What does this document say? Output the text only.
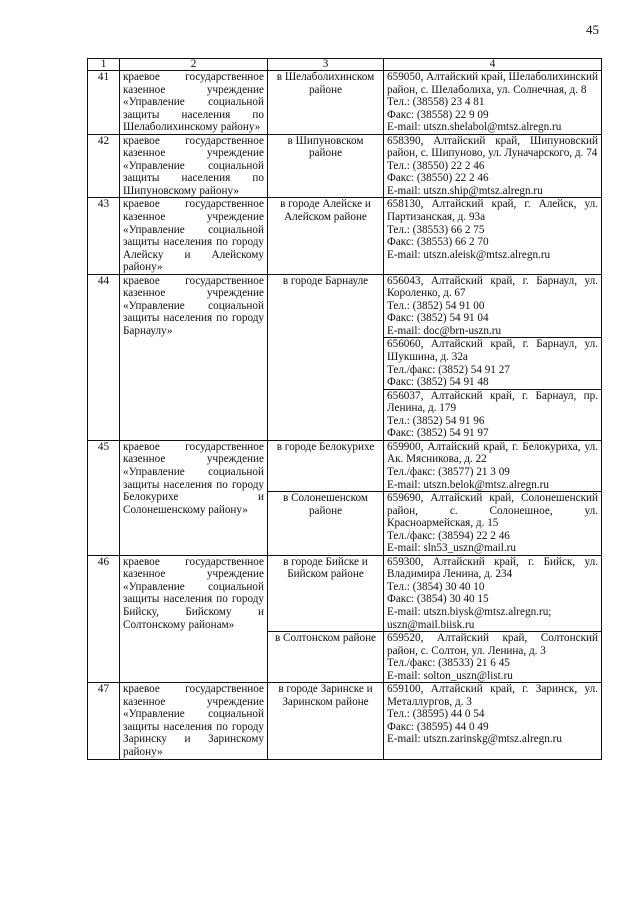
45
1	2	3	4
41	краевое государственное казенное учреждение «Управление социальной защиты населения по Шелаболихинскому району»	в Шелаболихинском районе	659050, Алтайский край, Шелаболихинский район, с. Шелаболиха, ул. Солнечная, д. 8
Тел.: (38558) 23 4 81
Факс: (38558) 22 9 09
E-mail: utszn.shelabol@mtsz.alregn.ru
42	краевое государственное казенное учреждение «Управление социальной защиты населения по Шипуновскому району»	в Шипуновском районе	658390, Алтайский край, Шипуновский район, с. Шипуново, ул. Луначарского, д. 74
Тел.: (38550) 22 2 46
Факс: (38550) 22 2 46
E-mail: utszn.ship@mtsz.alregn.ru
43	краевое государственное казенное учреждение «Управление социальной защиты населения по городу Алейску и Алейскому району»	в городе Алейске и Алейском районе	658130, Алтайский край, г. Алейск, ул. Партизанская, д. 93а
Тел.: (38553) 66 2 75
Факс: (38553) 66 2 70
E-mail: utszn.aleisk@mtsz.alregn.ru
44	краевое государственное казенное учреждение «Управление социальной защиты населения по городу Барнаулу»	в городе Барнауле	656043, Алтайский край, г. Барнаул, ул. Короленко, д. 67
Тел.: (3852) 54 91 00
Факс: (3852) 54 91 04
E-mail: doc@brn-uszn.ru
			656060, Алтайский край, г. Барнаул, ул. Шукшина, д. 32а
Тел./факс: (3852) 54 91 27
Факс: (3852) 54 91 48
			656037, Алтайский край, г. Барнаул, пр. Ленина, д. 179
Тел.: (3852) 54 91 96
Факс: (3852) 54 91 97
45	краевое государственное казенное учреждение «Управление социальной защиты населения по городу Белокурихе и Солонешенскому району»	в городе Белокурихе	659900, Алтайский край, г. Белокуриха, ул. Ак. Мясникова, д. 22
Тел./факс: (38577) 21 3 09
E-mail: utszn.belok@mtsz.alregn.ru
		в Солонешенском районе	659690, Алтайский край, Солонешенский район, с. Солонешное, ул. Красноармейская, д. 15
Тел./факс: (38594) 22 2 46
E-mail: sln53_uszn@mail.ru
46	краевое государственное казенное учреждение «Управление социальной защиты населения по городу Бийску, Бийскому и Солтонскому районам»	в городе Бийске и Бийском районе	659300, Алтайский край, г. Бийск, ул. Владимира Ленина, д. 234
Тел.: (3854) 30 40 10
Факс: (3854) 30 40 15
E-mail: utszn.biysk@mtsz.alregn.ru;
uszn@mail.biisk.ru
		в Солтонском районе	659520, Алтайский край, Солтонский район, с. Солтон, ул. Ленина, д. 3
Тел./факс: (38533) 21 6 45
E-mail: solton_uszn@list.ru
47	краевое государственное казенное учреждение «Управление социальной защиты населения по городу Заринску и Заринскому району»	в городе Заринске и Заринском районе	659100, Алтайский край, г. Заринск, ул. Металлургов, д. 3
Тел.: (38595) 44 0 54
Факс: (38595) 44 0 49
E-mail: utszn.zarinskg@mtsz.alregn.ru
